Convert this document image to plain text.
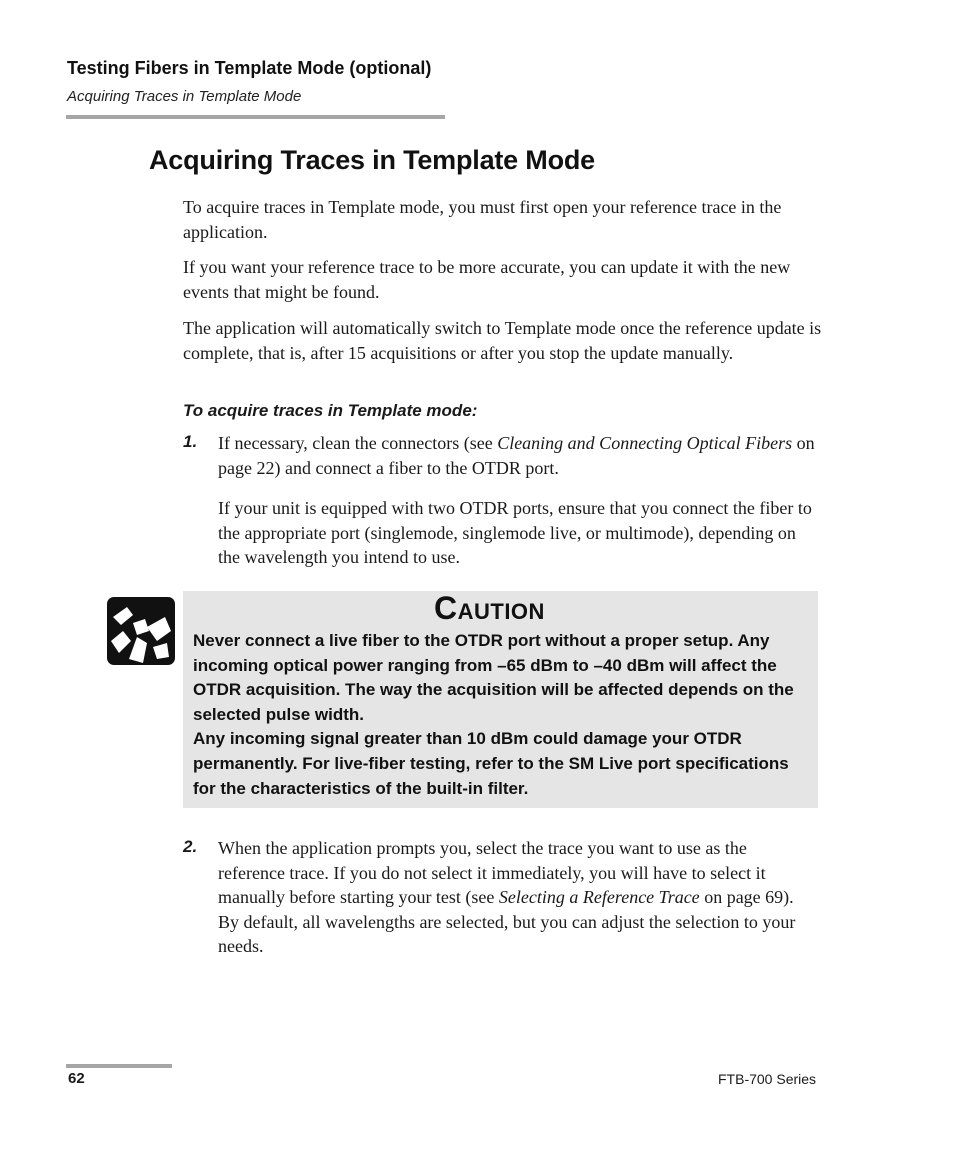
Testing Fibers in Template Mode (optional)
Acquiring Traces in Template Mode
Acquiring Traces in Template Mode
To acquire traces in Template mode, you must first open your reference trace in the application.
If you want your reference trace to be more accurate, you can update it with the new events that might be found.
The application will automatically switch to Template mode once the reference update is complete, that is, after 15 acquisitions or after you stop the update manually.
To acquire traces in Template mode:
1. If necessary, clean the connectors (see Cleaning and Connecting Optical Fibers on page 22) and connect a fiber to the OTDR port.
If your unit is equipped with two OTDR ports, ensure that you connect the fiber to the appropriate port (singlemode, singlemode live, or multimode), depending on the wavelength you intend to use.
Caution
Never connect a live fiber to the OTDR port without a proper setup. Any incoming optical power ranging from –65 dBm to –40 dBm will affect the OTDR acquisition. The way the acquisition will be affected depends on the selected pulse width.
Any incoming signal greater than 10 dBm could damage your OTDR permanently. For live-fiber testing, refer to the SM Live port specifications for the characteristics of the built-in filter.
2. When the application prompts you, select the trace you want to use as the reference trace. If you do not select it immediately, you will have to select it manually before starting your test (see Selecting a Reference Trace on page 69). By default, all wavelengths are selected, but you can adjust the selection to your needs.
62	FTB-700 Series
